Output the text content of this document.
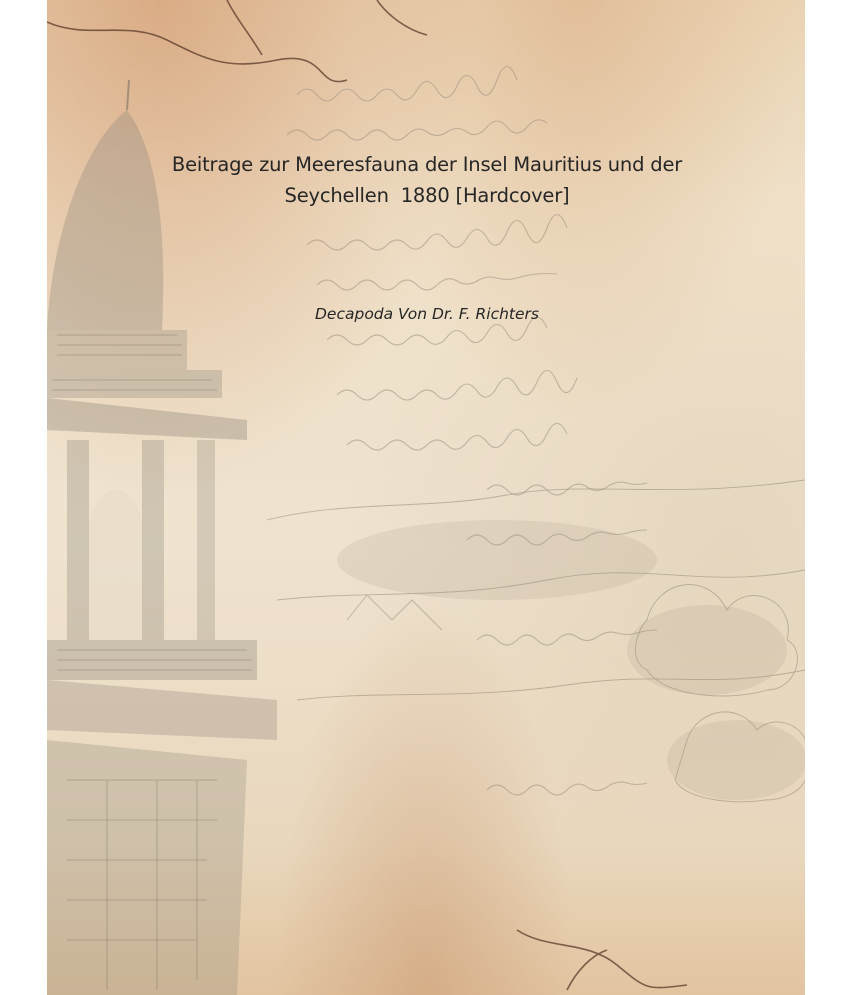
Beitrage zur Meeresfauna der Insel Mauritius und der
Seychellen  1880 [Hardcover]
Decapoda Von Dr. F. Richters
